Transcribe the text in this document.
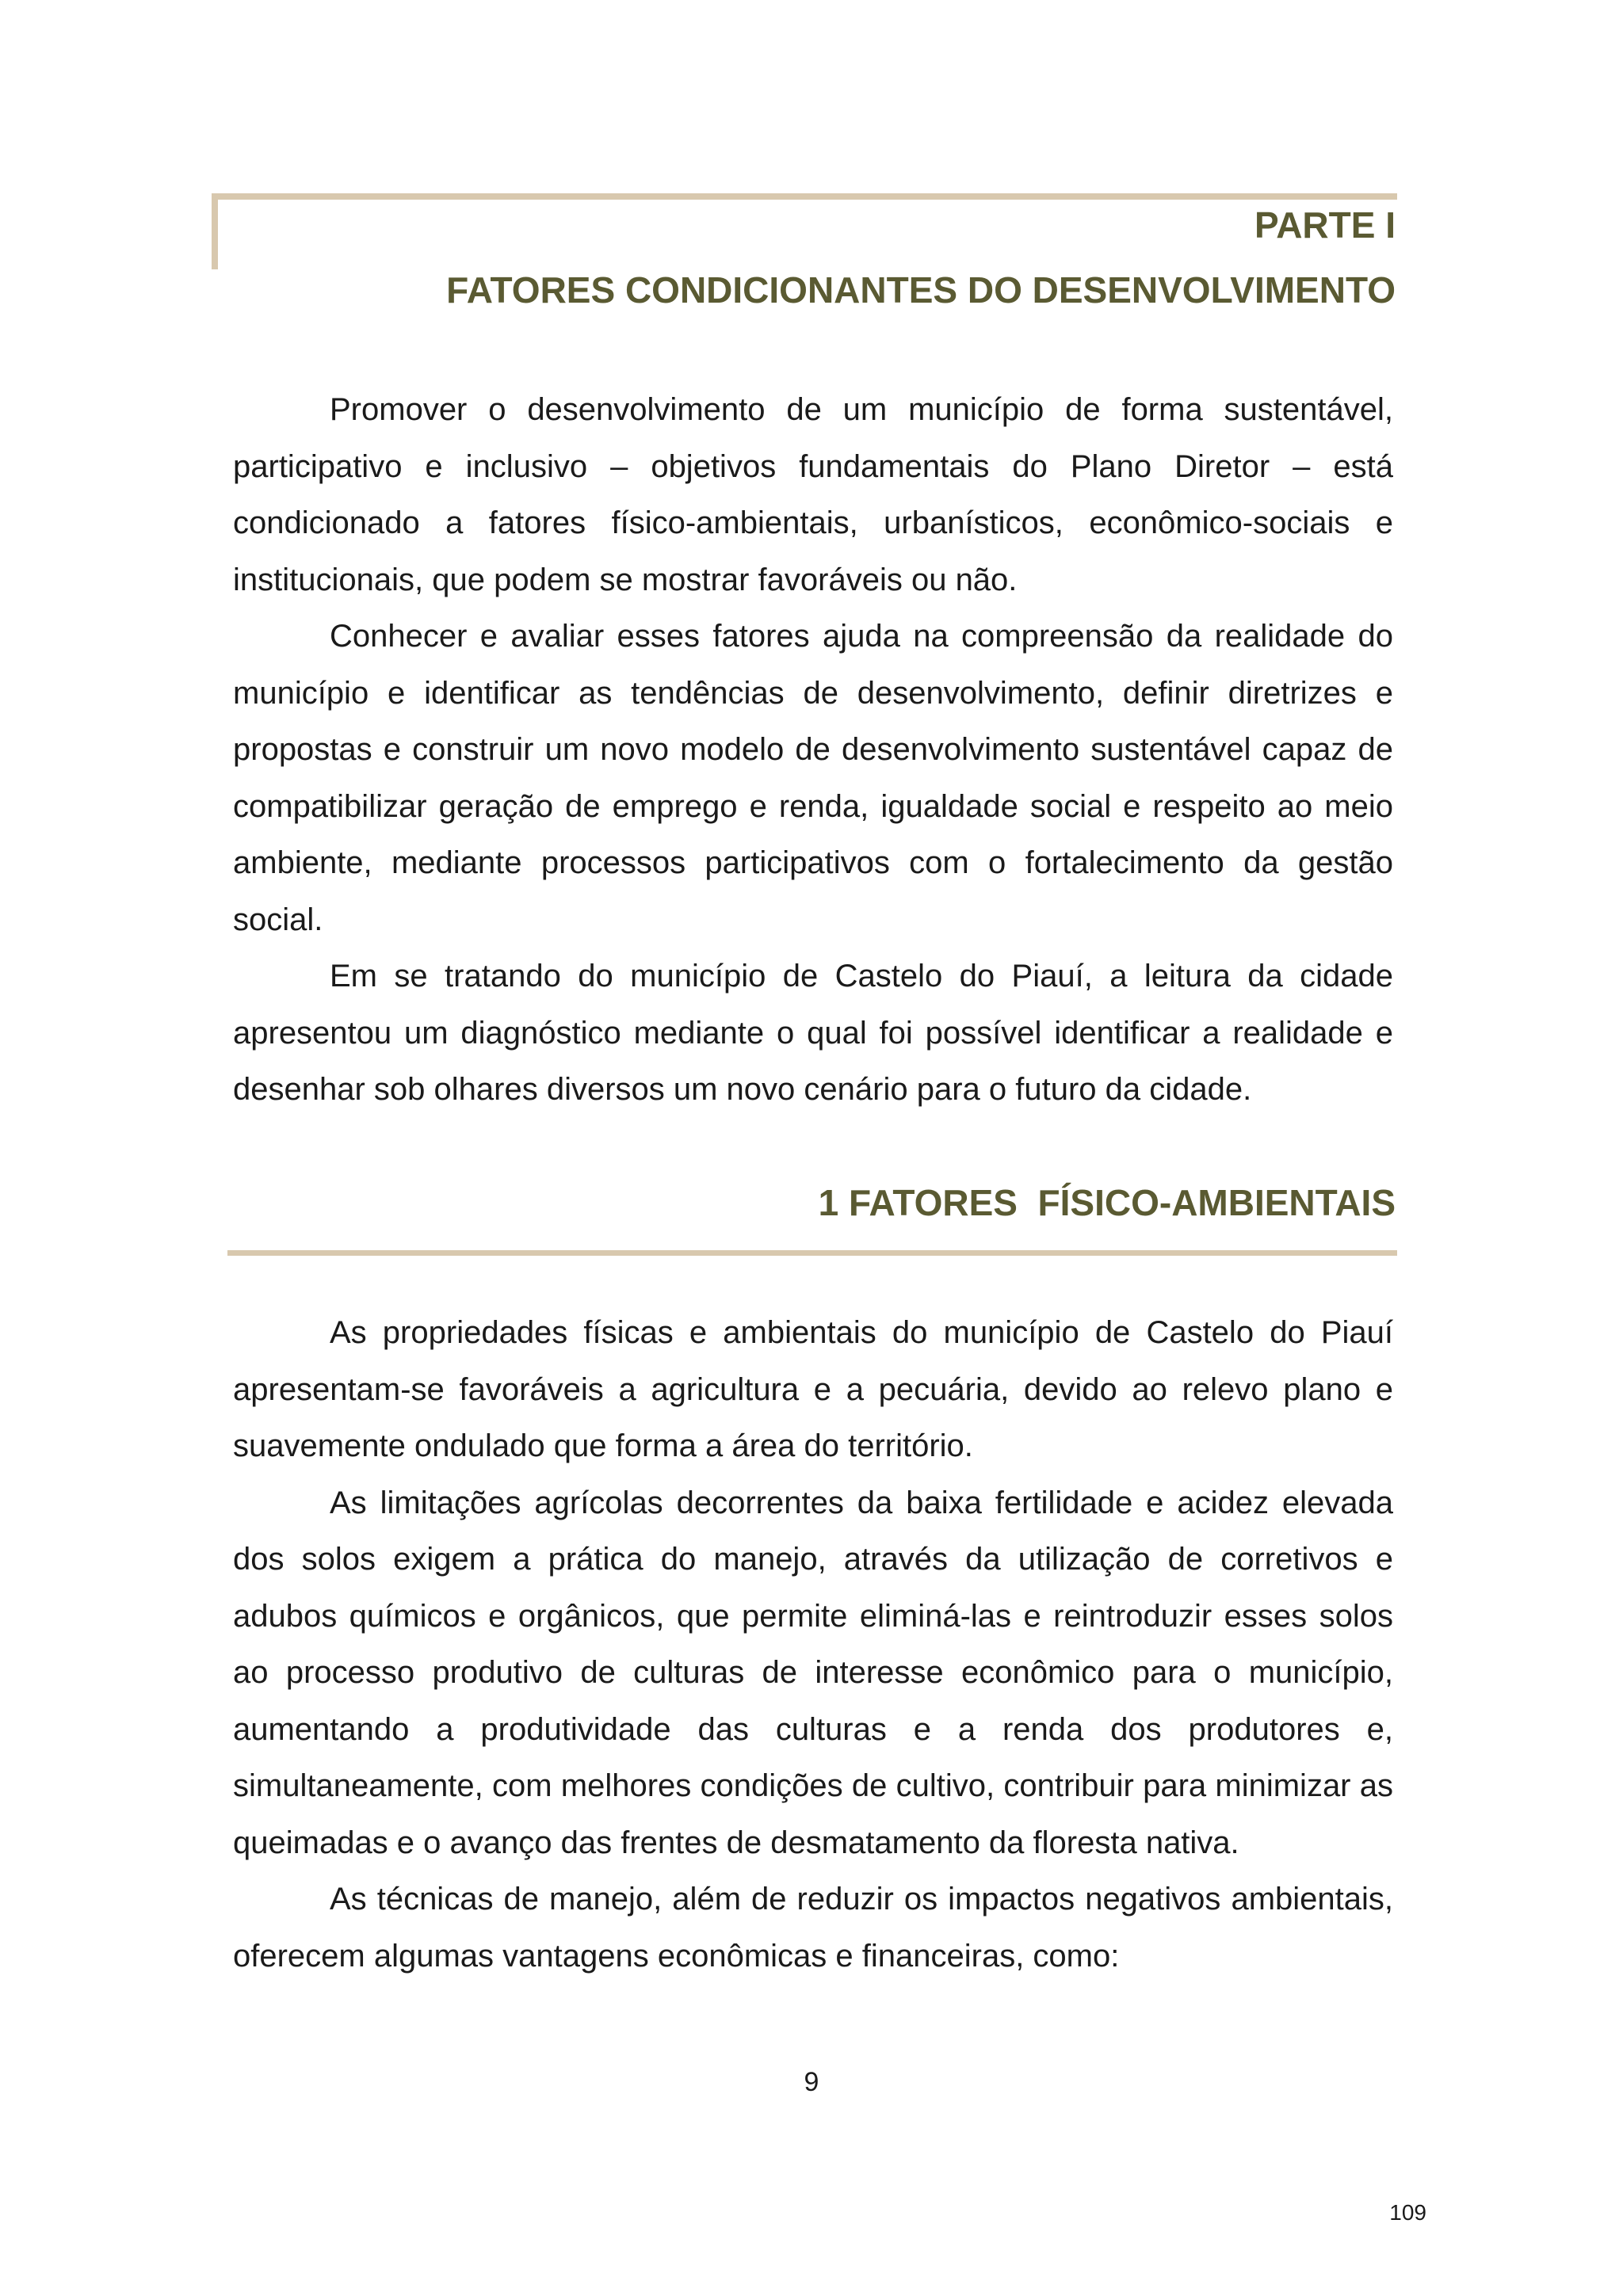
PARTE I
FATORES CONDICIONANTES DO DESENVOLVIMENTO

Promover o desenvolvimento de um município de forma sustentável, participativo e inclusivo – objetivos fundamentais do Plano Diretor – está condicionado a fatores físico-ambientais, urbanísticos, econômico-sociais e institucionais, que podem se mostrar favoráveis ou não.

Conhecer e avaliar esses fatores ajuda na compreensão da realidade do município e identificar as tendências de desenvolvimento, definir diretrizes e propostas e construir um novo modelo de desenvolvimento sustentável capaz de compatibilizar geração de emprego e renda, igualdade social e respeito ao meio ambiente, mediante processos participativos com o fortalecimento da gestão social.

Em se tratando do município de Castelo do Piauí, a leitura da cidade apresentou um diagnóstico mediante o qual foi possível identificar a realidade e desenhar sob olhares diversos um novo cenário para o futuro da cidade.

1 FATORES  FÍSICO-AMBIENTAIS

As propriedades físicas e ambientais do município de Castelo do Piauí apresentam-se favoráveis a agricultura e a pecuária, devido ao relevo plano e suavemente ondulado que forma a área do território.

As limitações agrícolas decorrentes da baixa fertilidade e acidez elevada dos solos exigem a prática do manejo, através da utilização de corretivos e adubos químicos e orgânicos, que permite eliminá-las e reintroduzir esses solos ao processo produtivo de culturas de interesse econômico para o município, aumentando a produtividade das culturas e a renda dos produtores e, simultaneamente, com melhores condições de cultivo, contribuir para minimizar as queimadas e o avanço das frentes de desmatamento da floresta nativa.

As técnicas de manejo, além de reduzir os impactos negativos ambientais, oferecem algumas vantagens econômicas e financeiras, como:

9

109
